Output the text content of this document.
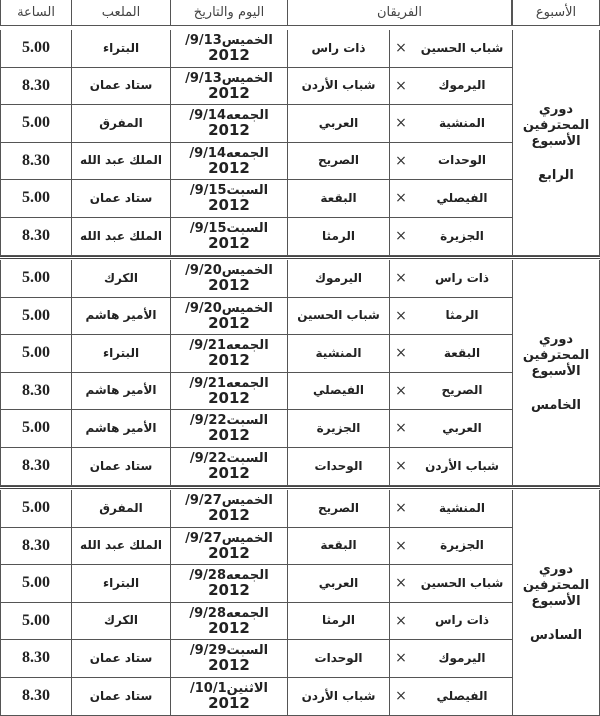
الأسبوع
الفريقان
اليوم والتاريخ
الملعب
الساعة
شباب الحسين
×
ذات راس
الخميس9/13/
2012
البتراء
5.00
اليرموك
×
شباب الأردن
الخميس9/13/
2012
ستاد عمان
8.30
المنشية
×
العربي
الجمعه9/14/
2012
المفرق
5.00
الوحدات
×
الصريح
الجمعه9/14/
2012
الملك عبد الله
8.30
الفيصلي
×
البقعة
السبت9/15/
2012
ستاد عمان
5.00
الجزيرة
×
الرمثا
السبت9/15/
2012
الملك عبد الله
8.30
دوري المحترفين الأسبوع
الرابع
ذات راس
×
اليرموك
الخميس9/20/
2012
الكرك
5.00
الرمثا
×
شباب الحسين
الخميس9/20/
2012
الأمير هاشم
5.00
البقعة
×
المنشية
الجمعه9/21/
2012
البتراء
5.00
الصريح
×
الفيصلي
الجمعه9/21/
2012
الأمير هاشم
8.30
العربي
×
الجزيرة
السبت9/22/
2012
الأمير هاشم
5.00
شباب الأردن
×
الوحدات
السبت9/22/
2012
ستاد عمان
8.30
دوري المحترفين الأسبوع
الخامس
المنشية
×
الصريح
الخميس9/27/
2012
المفرق
5.00
الجزيرة
×
البقعة
الخميس9/27/
2012
الملك عبد الله
8.30
شباب الحسين
×
العربي
الجمعه9/28/
2012
البتراء
5.00
ذات راس
×
الرمثا
الجمعه9/28/
2012
الكرك
5.00
اليرموك
×
الوحدات
السبت9/29/
2012
ستاد عمان
8.30
الفيصلي
×
شباب الأردن
الاثنين10/1/
2012
ستاد عمان
8.30
دوري المحترفين الأسبوع
السادس
